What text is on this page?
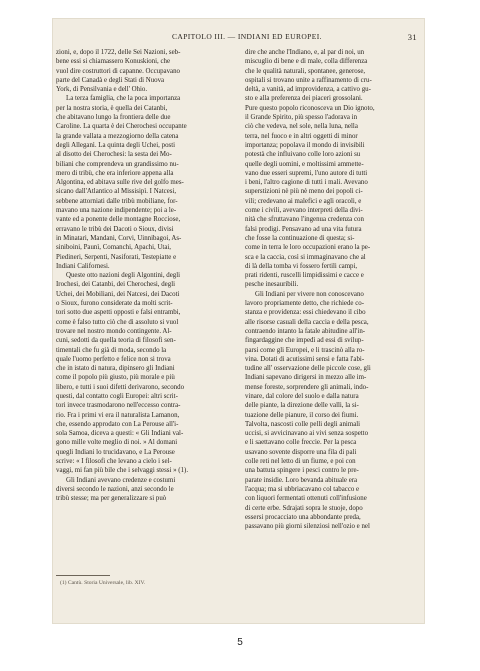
CAPITOLO III. — INDIANI ED EUROPEI.	31

zioni, e, dopo il 1722, delle Sei Nazioni, seb-
bene essi si chiamassero Konuskioni, che
vuol dire costruttori di capanne. Occupavano
parte del Canadà e degli Stati di Nuova
York, di Pensilvania e dell' Ohio.

La terza famiglia, che la poca importanza
per la nostra storia, è quella dei Catanbi,
che abitavano lungo la frontiera delle due
Caroline. La quarta è dei Cherochesi occupante
la grande vallata a mezzogiorno della catena
degli Alleganì. La quinta degli Uchei, posti
al disotto dei Cherochesi: la sesta dei Mo-
biliani che comprendeva un grandissimo nu-
mero di tribù, che era inferiore appena alla
Algontina, ed abitava sulle rive del golfo mes-
sicano dall'Atlantico al Missisipì. I Natcesi,
sebbene attorniati dalle tribù mobiliane, for-
mavano una nazione indipendente; poi a le-
vante ed a ponente delle montagne Rocciose,
erravano le tribù dei Dacoti o Sioux, divisi
in Minatari, Mandani, Corvi, Uinnibagoi, As-
siniboini, Paunì, Comanchi, Apachi, Utai,
Piedineri, Serpenti, Nasiforati, Testepiatte e
Indiani Californesi.

Queste otto nazioni degli Algontini, degli
Irochesi, dei Catanbi, dei Cherochesi, degli
Uchei, dei Mobiliani, dei Natcesi, dei Dacoti
o Sioux, furono considerate da molti scrit-
tori sotto due aspetti opposti e falsi entrambi,
come è falso tutto ciò che di assoluto si vuol
trovare nel nostro mondo contingente. Al-
cuni, sedotti da quella teoria di filosofi sen-
timentali che fu già di moda, secondo la
quale l'uomo perfetto e felice non si trova
che in istato di natura, dipinsero gli Indiani
come il popolo più giusto, più morale e più
libero, e tutti i suoi difetti derivarono, secondo
questi, dal contatto cogli Europei: altri scrit-
tori invece trasmodarono nell'eccesso contra-
rio. Fra i primi vi era il naturalista Lamanon,
che, essendo approdato con La Perouse all'i-
sola Samoa, diceva a questi: « Gli Indiani val-
gono mille volte meglio di noi. » Al domani
quegli Indiani lo trucidavano, e La Perouse
scrive: « I filosofi che levano a cielo i sel-
vaggi, mi fan più bile che i selvaggi stessi » (1).

Gli Indiani avevano credenze e costumi
diversi secondo le nazioni, anzi secondo le
tribù stesse; ma per generalizzare si può

dire che anche l'Indiano, e, al par di noi, un
miscuglio di bene e di male, colla differenza
che le qualità naturali, spontanee, generose,
ospitali si trovano unite a raffinamento di cru-
deltà, a vanità, ad improvidenza, a cattivo gu-
sto e alla preferenza dei piaceri grossolani.
Pure questo popolo riconosceva un Dio ignoto,
il Grande Spirito, più spesso l'adorava in
ciò che vedeva, nel sole, nella luna, nella
terra, nel fuoco e in altri oggetti di minor
importanza; popolava il mondo di invisibili
potestà che influivano colle loro azioni su
quelle degli uomini, e moltissimi ammette-
vano due esseri supremi, l'uno autore di tutti
i beni, l'altro cagione di tutti i mali. Avevano
superstizioni nè più nè meno dei popoli ci-
vili; credevano ai malefici e agli oracoli, e
come i civili, avevano interpreti della divi-
nità che sfruttavano l'ingenua credenza con
falsi prodigi. Pensavano ad una vita futura
che fosse la continuazione di questa; si-
come in terra le loro occupazioni erano la pe-
sca e la caccia, così si immaginavano che al
di là della tomba vi fossero fertili campi,
prati ridenti, ruscelli limpidissimi e cacce e
pesche inesauribili.

Gli Indiani per vivere non conoscevano
lavoro propriamente detto, che richiede co-
stanza e providenza: essi chiedevano il cibo
alle risorse casuali della caccia e della pesca,
contraendo intanto la fatale abitudine all'in-
fingardaggine che impedì ad essi di svilup-
parsi come gli Europei, e li trascinò alla ro-
vina. Dotati di acutissimi sensi e fatta l'abi-
tudine all' osservazione delle piccole cose, gli
Indiani sapevano dirigersi in mezzo alle im-
mense foreste, sorprendere gli animali, indo-
vinare, dal colore del suolo e dalla natura
delle piante, la direzione delle valli, la si-
tuazione delle pianure, il corso dei fiumi.
Talvolta, nascosti colle pelli degli animali
uccisi, si avvicinavano ai vivi senza sospetto
e li saettavano colle freccie. Per la pesca
usavano sovente disporre una fila di pali
colle reti nel letto di un fiume, e poi con
una battuta spingere i pesci contro le pre-
parate insidie. Loro bevanda abituale era
l'acqua; ma si ubbriacavano col tabacco e
con liquori fermentati ottenuti coll'infusione
di certe erbe. Sdrajati sopra le stuoje, dopo
essersi procacciato una abbondante preda,
passavano più giorni silenziosi nell'ozio e nel

(1) Cantù. Storia Universale, lib. XIV.
5
